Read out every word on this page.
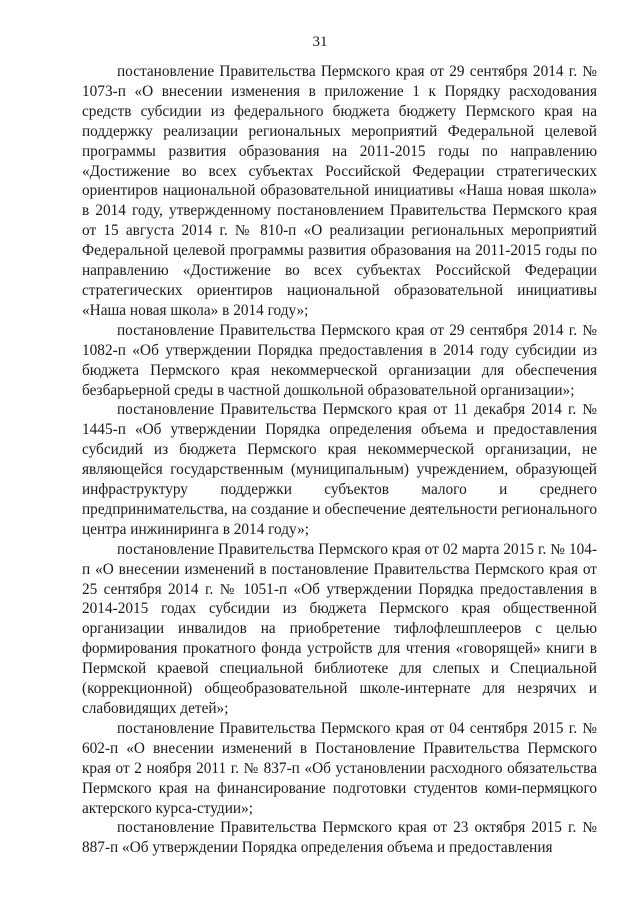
31

постановление Правительства Пермского края от 29 сентября 2014 г. № 1073-п «О внесении изменения в приложение 1 к Порядку расходования средств субсидии из федерального бюджета бюджету Пермского края на поддержку реализации региональных мероприятий Федеральной целевой программы развития образования на 2011-2015 годы по направлению «Достижение во всех субъектах Российской Федерации стратегических ориентиров национальной образовательной инициативы «Наша новая школа» в 2014 году, утвержденному постановлением Правительства Пермского края от 15 августа 2014 г. № 810-п «О реализации региональных мероприятий Федеральной целевой программы развития образования на 2011-2015 годы по направлению «Достижение во всех субъектах Российской Федерации стратегических ориентиров национальной образовательной инициативы «Наша новая школа» в 2014 году»;

постановление Правительства Пермского края от 29 сентября 2014 г. № 1082-п «Об утверждении Порядка предоставления в 2014 году субсидии из бюджета Пермского края некоммерческой организации для обеспечения безбарьерной среды в частной дошкольной образовательной организации»;

постановление Правительства Пермского края от 11 декабря 2014 г. № 1445-п «Об утверждении Порядка определения объема и предоставления субсидий из бюджета Пермского края некоммерческой организации, не являющейся государственным (муниципальным) учреждением, образующей инфраструктуру поддержки субъектов малого и среднего предпринимательства, на создание и обеспечение деятельности регионального центра инжиниринга в 2014 году»;

постановление Правительства Пермского края от 02 марта 2015 г. № 104-п «О внесении изменений в постановление Правительства Пермского края от 25 сентября 2014 г. № 1051-п «Об утверждении Порядка предоставления в 2014-2015 годах субсидии из бюджета Пермского края общественной организации инвалидов на приобретение тифлофлешплееров с целью формирования прокатного фонда устройств для чтения «говорящей» книги в Пермской краевой специальной библиотеке для слепых и Специальной (коррекционной) общеобразовательной школе-интернате для незрячих и слабовидящих детей»;

постановление Правительства Пермского края от 04 сентября 2015 г. № 602-п «О внесении изменений в Постановление Правительства Пермского края от 2 ноября 2011 г. № 837-п «Об установлении расходного обязательства Пермского края на финансирование подготовки студентов коми-пермяцкого актерского курса-студии»;

постановление Правительства Пермского края от 23 октября 2015 г. № 887-п «Об утверждении Порядка определения объема и предоставления
